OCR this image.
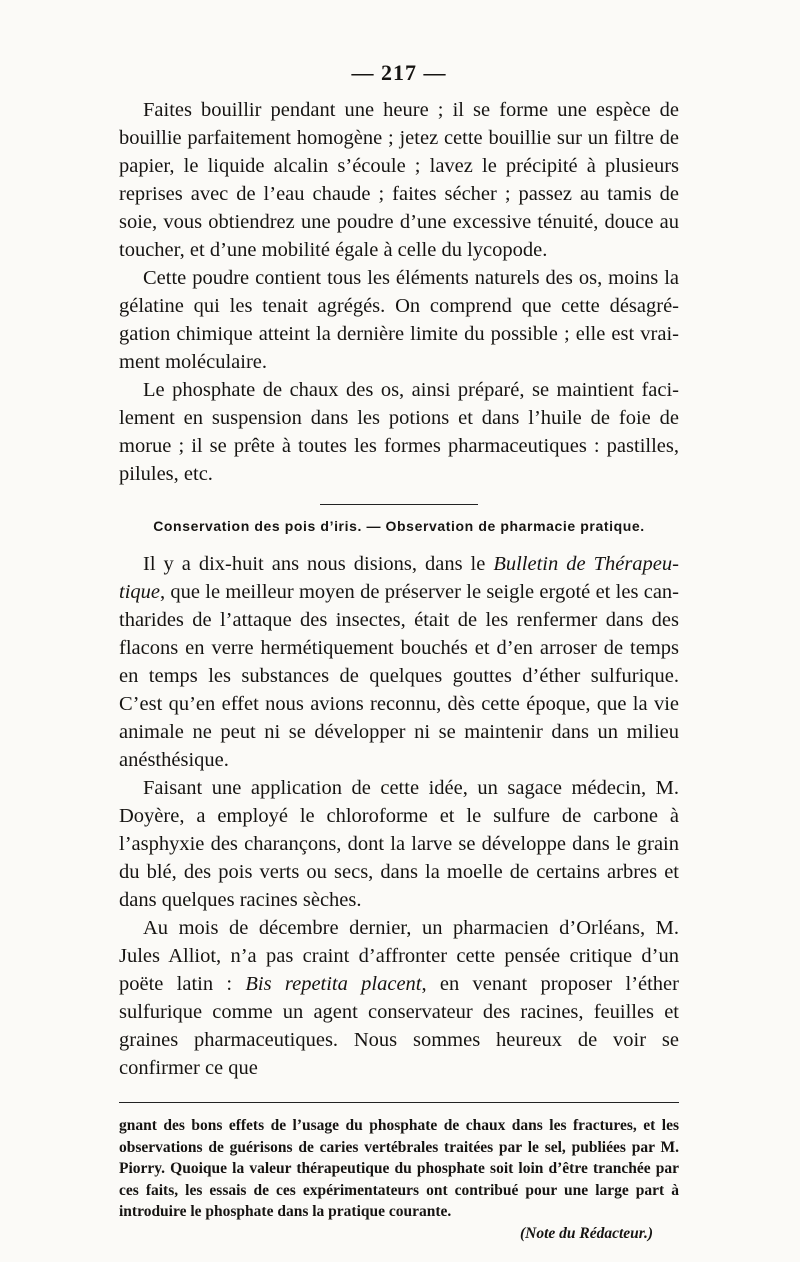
— 217 —

Faites bouillir pendant une heure ; il se forme une espèce de bouillie parfaitement homogène ; jetez cette bouillie sur un filtre de papier, le liquide alcalin s’écoule ; lavez le précipité à plusieurs reprises avec de l’eau chaude ; faites sécher ; passez au tamis de soie, vous obtiendrez une poudre d’une excessive ténuité, douce au toucher, et d’une mobilité égale à celle du lycopode.

Cette poudre contient tous les éléments naturels des os, moins la gélatine qui les tenait agrégés. On comprend que cette désagrégation chimique atteint la dernière limite du possible ; elle est vraiment moléculaire.

Le phosphate de chaux des os, ainsi préparé, se maintient facilement en suspension dans les potions et dans l’huile de foie de morue ; il se prête à toutes les formes pharmaceutiques : pastilles, pilules, etc.

Conservation des pois d’iris. — Observation de pharmacie pratique.

Il y a dix-huit ans nous disions, dans le Bulletin de Thérapeutique, que le meilleur moyen de préserver le seigle ergoté et les cantharides de l’attaque des insectes, était de les renfermer dans des flacons en verre hermétiquement bouchés et d’en arroser de temps en temps les substances de quelques gouttes d’éther sulfurique. C’est qu’en effet nous avions reconnu, dès cette époque, que la vie animale ne peut ni se développer ni se maintenir dans un milieu anésthésique.

Faisant une application de cette idée, un sagace médecin, M. Doyère, a employé le chloroforme et le sulfure de carbone à l’asphyxie des charançons, dont la larve se développe dans le grain du blé, des pois verts ou secs, dans la moelle de certains arbres et dans quelques racines sèches.

Au mois de décembre dernier, un pharmacien d’Orléans, M. Jules Alliot, n’a pas craint d’affronter cette pensée critique d’un poëte latin : Bis repetita placent, en venant proposer l’éther sulfurique comme un agent conservateur des racines, feuilles et graines pharmaceutiques. Nous sommes heureux de voir se confirmer ce que

gnant des bons effets de l’usage du phosphate de chaux dans les fractures, et les observations de guérisons de caries vertébrales traitées par le sel, publiées par M. Piorry. Quoique la valeur thérapeutique du phosphate soit loin d’être tranchée par ces faits, les essais de ces expérimentateurs ont contribué pour une large part à introduire le phosphate dans la pratique courante.

(Note du Rédacteur.)
